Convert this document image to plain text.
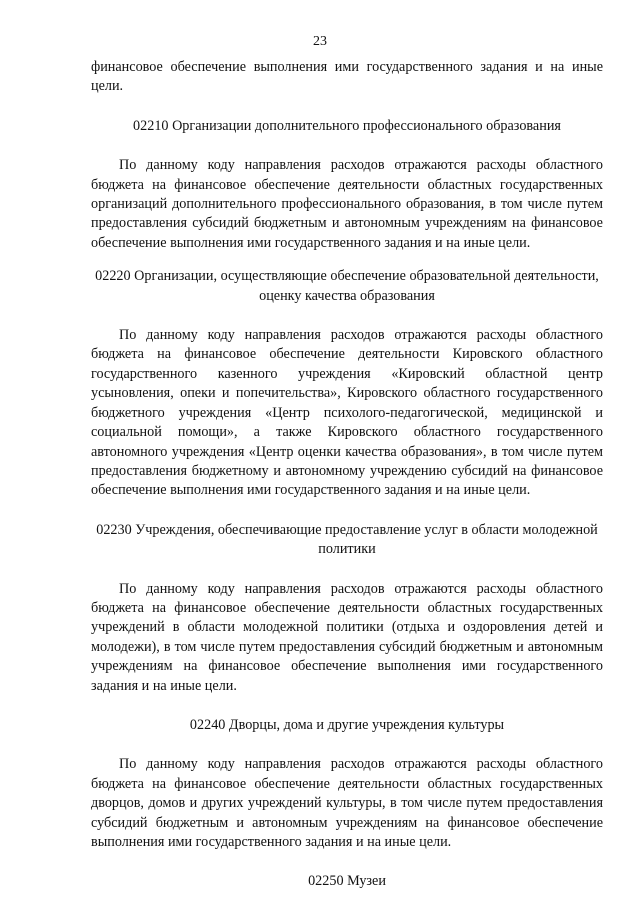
23

финансовое обеспечение выполнения ими государственного задания и на иные цели.

02210 Организации дополнительного профессионального образования

По данному коду направления расходов отражаются расходы областного бюджета на финансовое обеспечение деятельности областных государственных организаций дополнительного профессионального образования, в том числе путем предоставления субсидий бюджетным и автономным учреждениям на финансовое обеспечение выполнения ими государственного задания и на иные цели.

02220 Организации, осуществляющие обеспечение образовательной деятельности, оценку качества образования

По данному коду направления расходов отражаются расходы областного бюджета на финансовое обеспечение деятельности Кировского областного государственного казенного учреждения «Кировский областной центр усыновления, опеки и попечительства», Кировского областного государственного бюджетного учреждения «Центр психолого-педагогической, медицинской и социальной помощи», а также Кировского областного государственного автономного учреждения «Центр оценки качества образования», в том числе путем предоставления бюджетному и автономному учреждению субсидий на финансовое обеспечение выполнения ими государственного задания и на иные цели.

02230 Учреждения, обеспечивающие предоставление услуг в области молодежной политики

По данному коду направления расходов отражаются расходы областного бюджета на финансовое обеспечение деятельности областных государственных учреждений в области молодежной политики (отдыха и оздоровления детей и молодежи), в том числе путем предоставления субсидий бюджетным и автономным учреждениям на финансовое обеспечение выполнения ими государственного задания и на иные цели.

02240 Дворцы, дома и другие учреждения культуры

По данному коду направления расходов отражаются расходы областного бюджета на финансовое обеспечение деятельности областных государственных дворцов, домов и других учреждений культуры, в том числе путем предоставления субсидий бюджетным и автономным учреждениям на финансовое обеспечение выполнения ими государственного задания и на иные цели.

02250 Музеи
